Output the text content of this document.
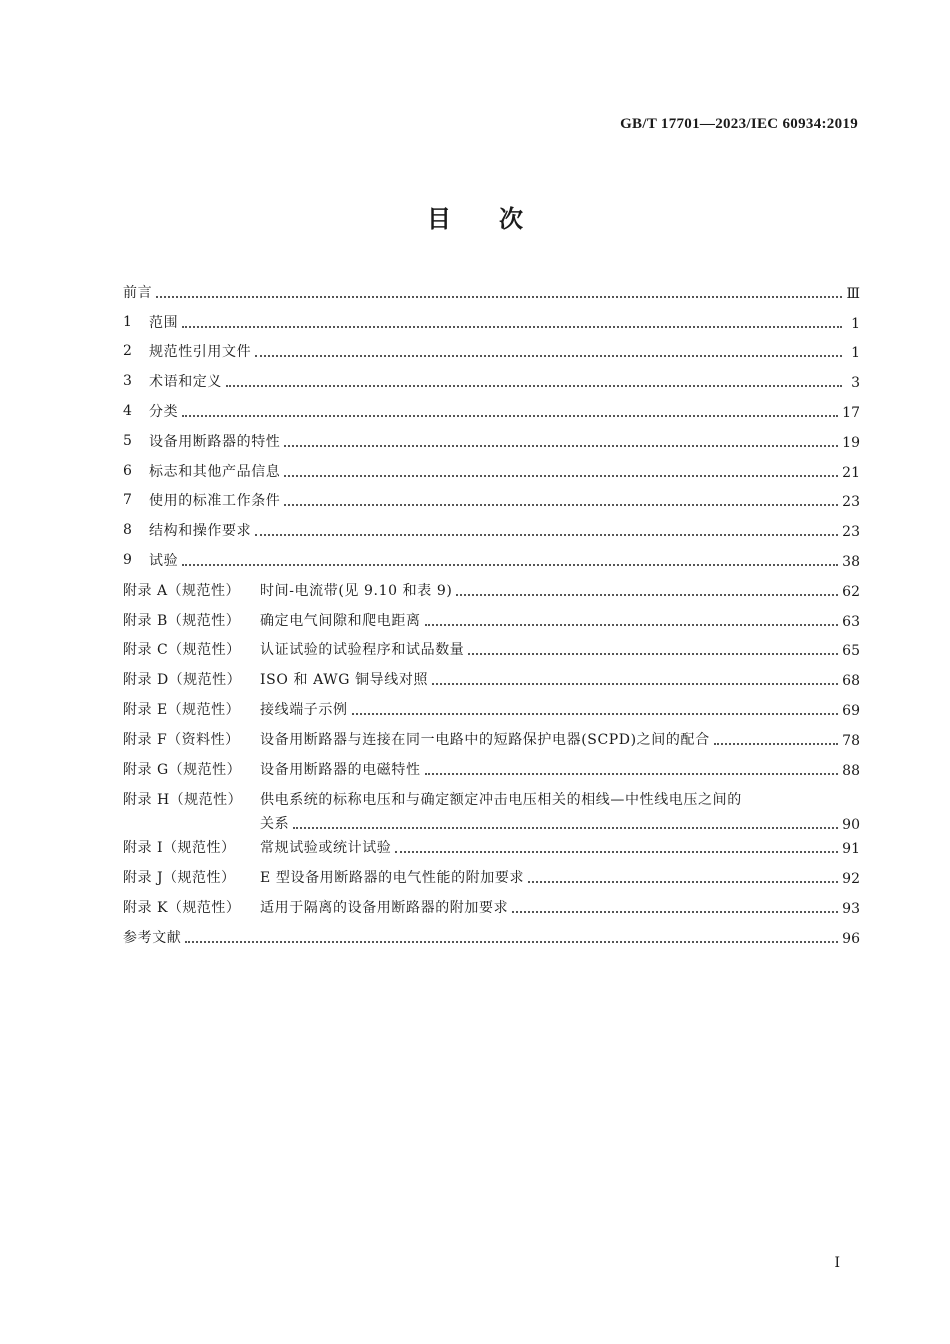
GB/T 17701—2023/IEC 60934:2019
目次
前言	Ⅲ
1	范围	1
2	规范性引用文件	1
3	术语和定义	3
4	分类	17
5	设备用断路器的特性	19
6	标志和其他产品信息	21
7	使用的标准工作条件	23
8	结构和操作要求	23
9	试验	38
附录 A（规范性）	时间-电流带(见 9.10 和表 9)	62
附录 B（规范性）	确定电气间隙和爬电距离	63
附录 C（规范性）	认证试验的试验程序和试品数量	65
附录 D（规范性）	ISO 和 AWG 铜导线对照	68
附录 E（规范性）	接线端子示例	69
附录 F（资料性）	设备用断路器与连接在同一电路中的短路保护电器(SCPD)之间的配合	78
附录 G（规范性）	设备用断路器的电磁特性	88
附录 H（规范性）	供电系统的标称电压和与确定额定冲击电压相关的相线—中性线电压之间的
关系	90
附录 I（规范性）	常规试验或统计试验	91
附录 J（规范性）	E 型设备用断路器的电气性能的附加要求	92
附录 K（规范性）	适用于隔离的设备用断路器的附加要求	93
参考文献	96
I
